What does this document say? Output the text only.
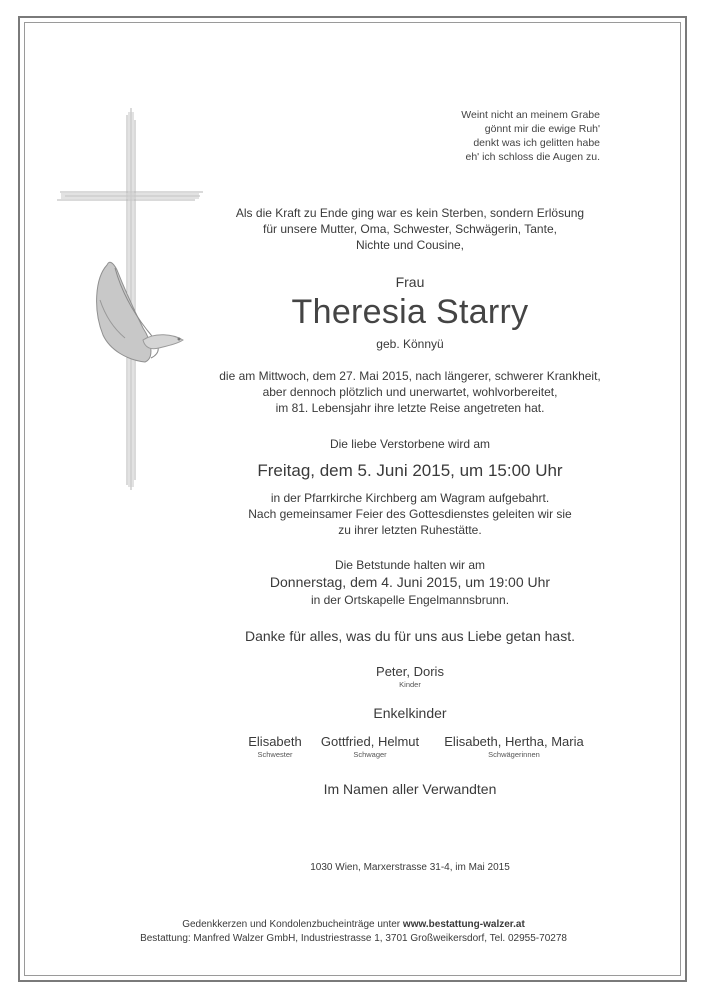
Weint nicht an meinem Grabe
gönnt mir die ewige Ruh'
denkt was ich gelitten habe
eh' ich schloss die Augen zu.
Als die Kraft zu Ende ging war es kein Sterben, sondern Erlösung
für unsere Mutter, Oma, Schwester, Schwägerin, Tante,
Nichte und Cousine,
Frau
Theresia Starry
geb. Könnyü
die am Mittwoch, dem 27. Mai 2015, nach längerer, schwerer Krankheit,
aber dennoch plötzlich und unerwartet, wohlvorbereitet,
im 81. Lebensjahr ihre letzte Reise angetreten hat.
Die liebe Verstorbene wird am
Freitag, dem 5. Juni 2015, um 15:00 Uhr
in der Pfarrkirche Kirchberg am Wagram aufgebahrt.
Nach gemeinsamer Feier des Gottesdienstes geleiten wir sie
zu ihrer letzten Ruhestätte.
Die Betstunde halten wir am
Donnerstag, dem 4. Juni 2015, um 19:00 Uhr
in der Ortskapelle Engelmannsbrunn.
Danke für alles, was du für uns aus Liebe getan hast.
Peter, Doris
Kinder
Enkelkinder
Elisabeth
Schwester
Gottfried, Helmut
Schwager
Elisabeth, Hertha, Maria
Schwägerinnen
Im Namen aller Verwandten
1030 Wien, Marxerstrasse 31-4, im Mai 2015
Gedenkkerzen und Kondolenzbucheinträge unter www.bestattung-walzer.at
Bestattung: Manfred Walzer GmbH, Industriestrasse 1, 3701 Großweikersdorf, Tel. 02955-70278
